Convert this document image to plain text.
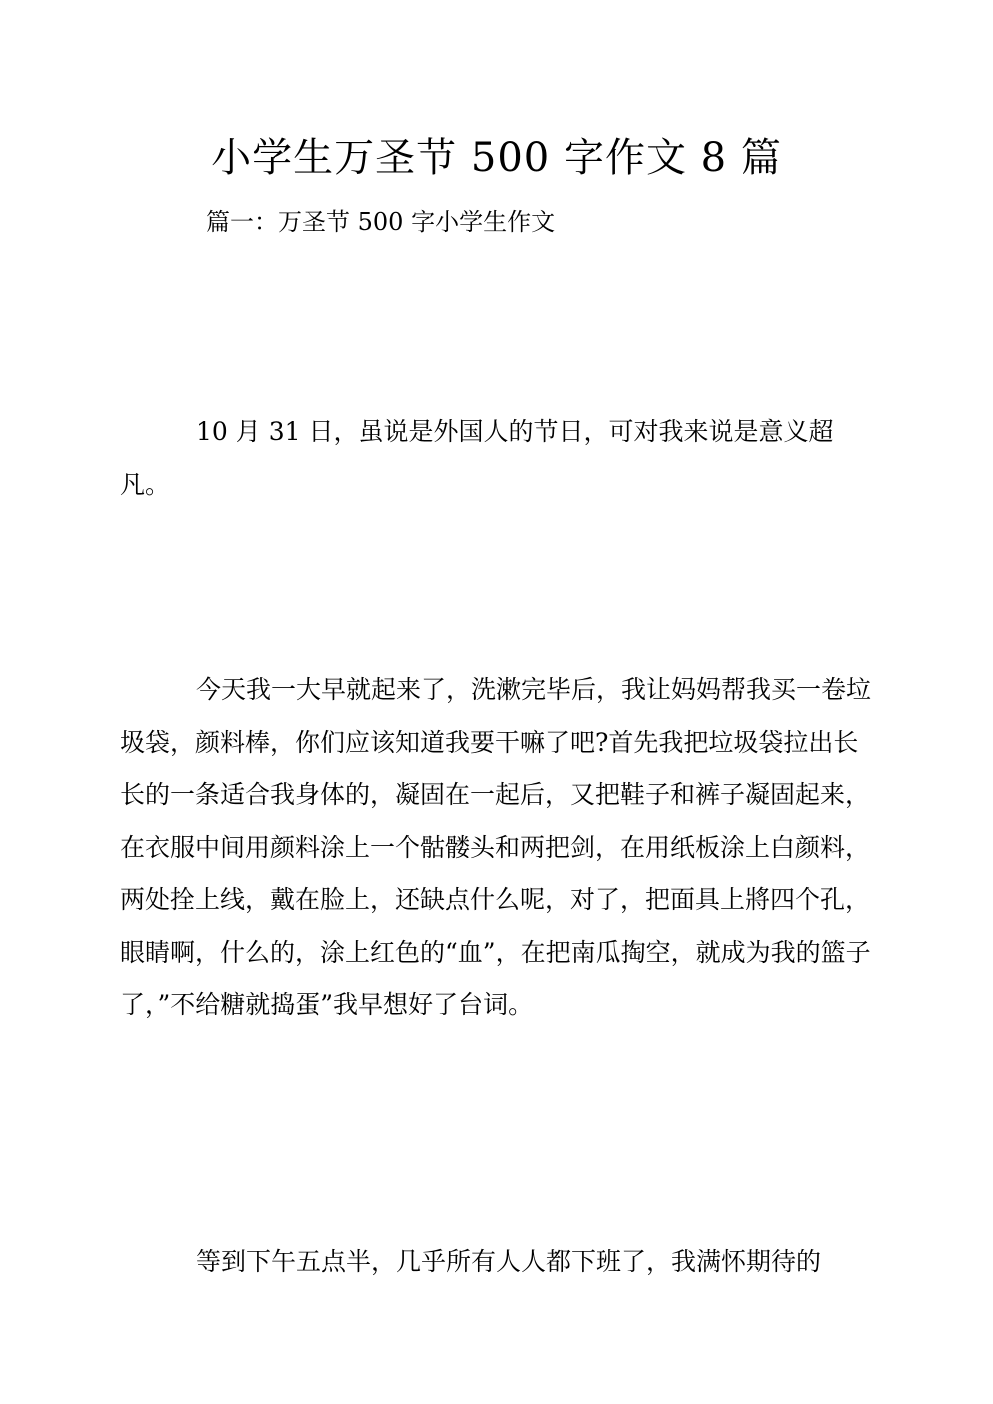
小学生万圣节 500 字作文 8 篇
篇一：万圣节 500 字小学生作文

10 月 31 日，虽说是外国人的节日，可对我来说是意义超凡。

今天我一大早就起来了，洗漱完毕后，我让妈妈帮我买一卷垃圾袋，颜料棒，你们应该知道我要干嘛了吧?首先我把垃圾袋拉出长长的一条适合我身体的，凝固在一起后，又把鞋子和裤子凝固起来，在衣服中间用颜料涂上一个骷髅头和两把剑，在用纸板涂上白颜料，两处拴上线，戴在脸上，还缺点什么呢，对了，把面具上將四个孔，眼睛啊，什么的，涂上红色的“血”，在把南瓜掏空，就成为我的篮子了，”不给糖就捣蛋”我早想好了台词。

等到下午五点半，几乎所有人人都下班了，我满怀期待的
